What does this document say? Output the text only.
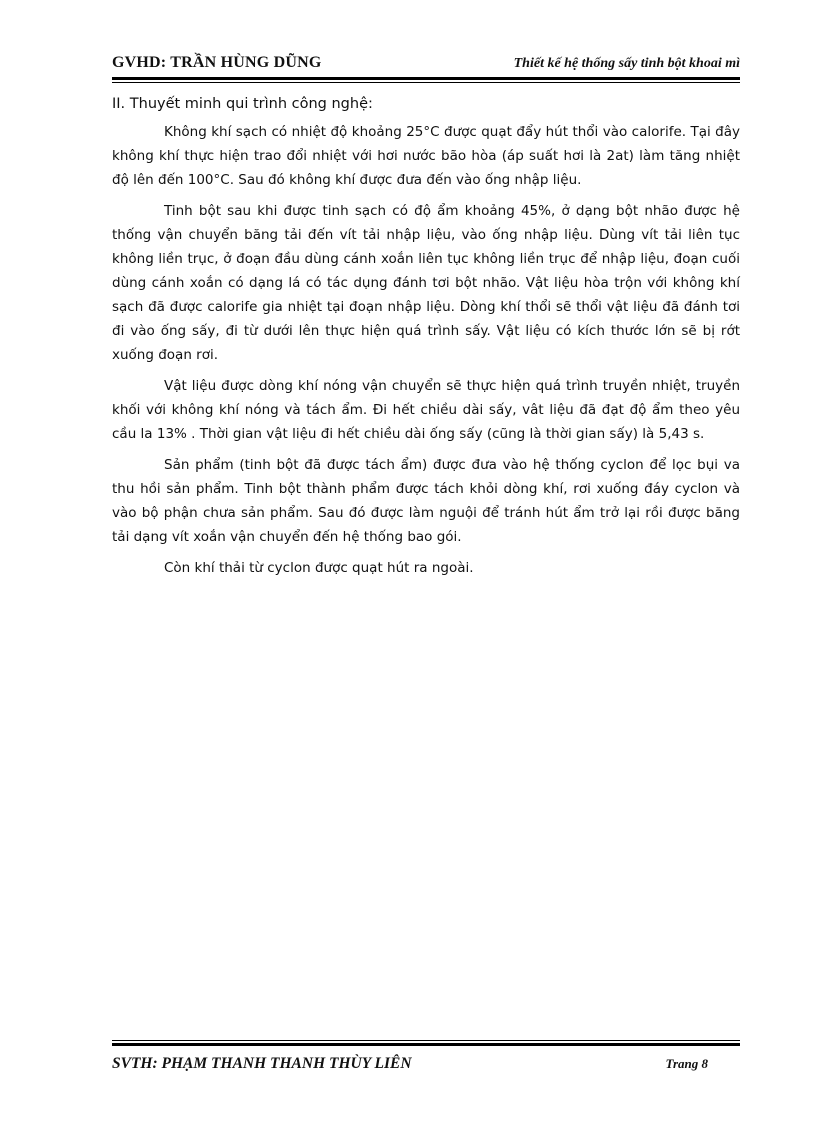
GVHD: TRẦN HÙNG DŨNG	Thiết kế hệ thống sấy tinh bột khoai mì
II. Thuyết minh qui trình công nghệ:

Không khí sạch có nhiệt độ khoảng 25°C được quạt đẩy hút thổi vào calorife. Tại đây không khí thực hiện trao đổi nhiệt với hơi nước bão hòa (áp suất hơi là 2at) làm tăng nhiệt độ lên đến 100°C. Sau đó không khí được đưa đến vào ống nhập liệu.

Tinh bột sau khi được tinh sạch có độ ẩm khoảng 45%, ở dạng bột nhão được hệ thống vận chuyển băng tải đến vít tải nhập liệu, vào ống nhập liệu. Dùng vít tải liên tục không liền trục, ở đoạn đầu dùng cánh xoắn liên tục không liền trục để nhập liệu, đoạn cuối dùng cánh xoắn có dạng lá có tác dụng đánh tơi bột nhão. Vật liệu hòa trộn với không khí sạch đã được calorife gia nhiệt tại đoạn nhập liệu. Dòng khí thổi sẽ thổi vật liệu đã đánh tơi đi vào ống sấy, đi từ dưới lên thực hiện quá trình sấy. Vật liệu có kích thước lớn sẽ bị rớt xuống đoạn rơi.

Vật liệu được dòng khí nóng vận chuyển sẽ thực hiện quá trình truyền nhiệt, truyền khối với không khí nóng và tách ẩm. Đi hết chiều dài sấy, vât liệu đã đạt độ ẩm theo yêu cầu la 13% . Thời gian vật liệu đi hết chiều dài ống sấy (cũng là thời gian sấy) là 5,43 s.

Sản phẩm (tinh bột đã được tách ẩm) được đưa vào hệ thống cyclon để lọc bụi va thu hồi sản phẩm. Tinh bột thành phẩm được tách khỏi dòng khí, rơi xuống đáy cyclon và vào bộ phận chưa sản phẩm. Sau đó được làm nguội để tránh hút ẩm trở lại rồi được băng tải dạng vít xoắn vận chuyển đến hệ thống bao gói.

Còn khí thải từ cyclon được quạt hút ra ngoài.

SVTH: PHẠM THANH THANH THÙY LIÊN	Trang 8
